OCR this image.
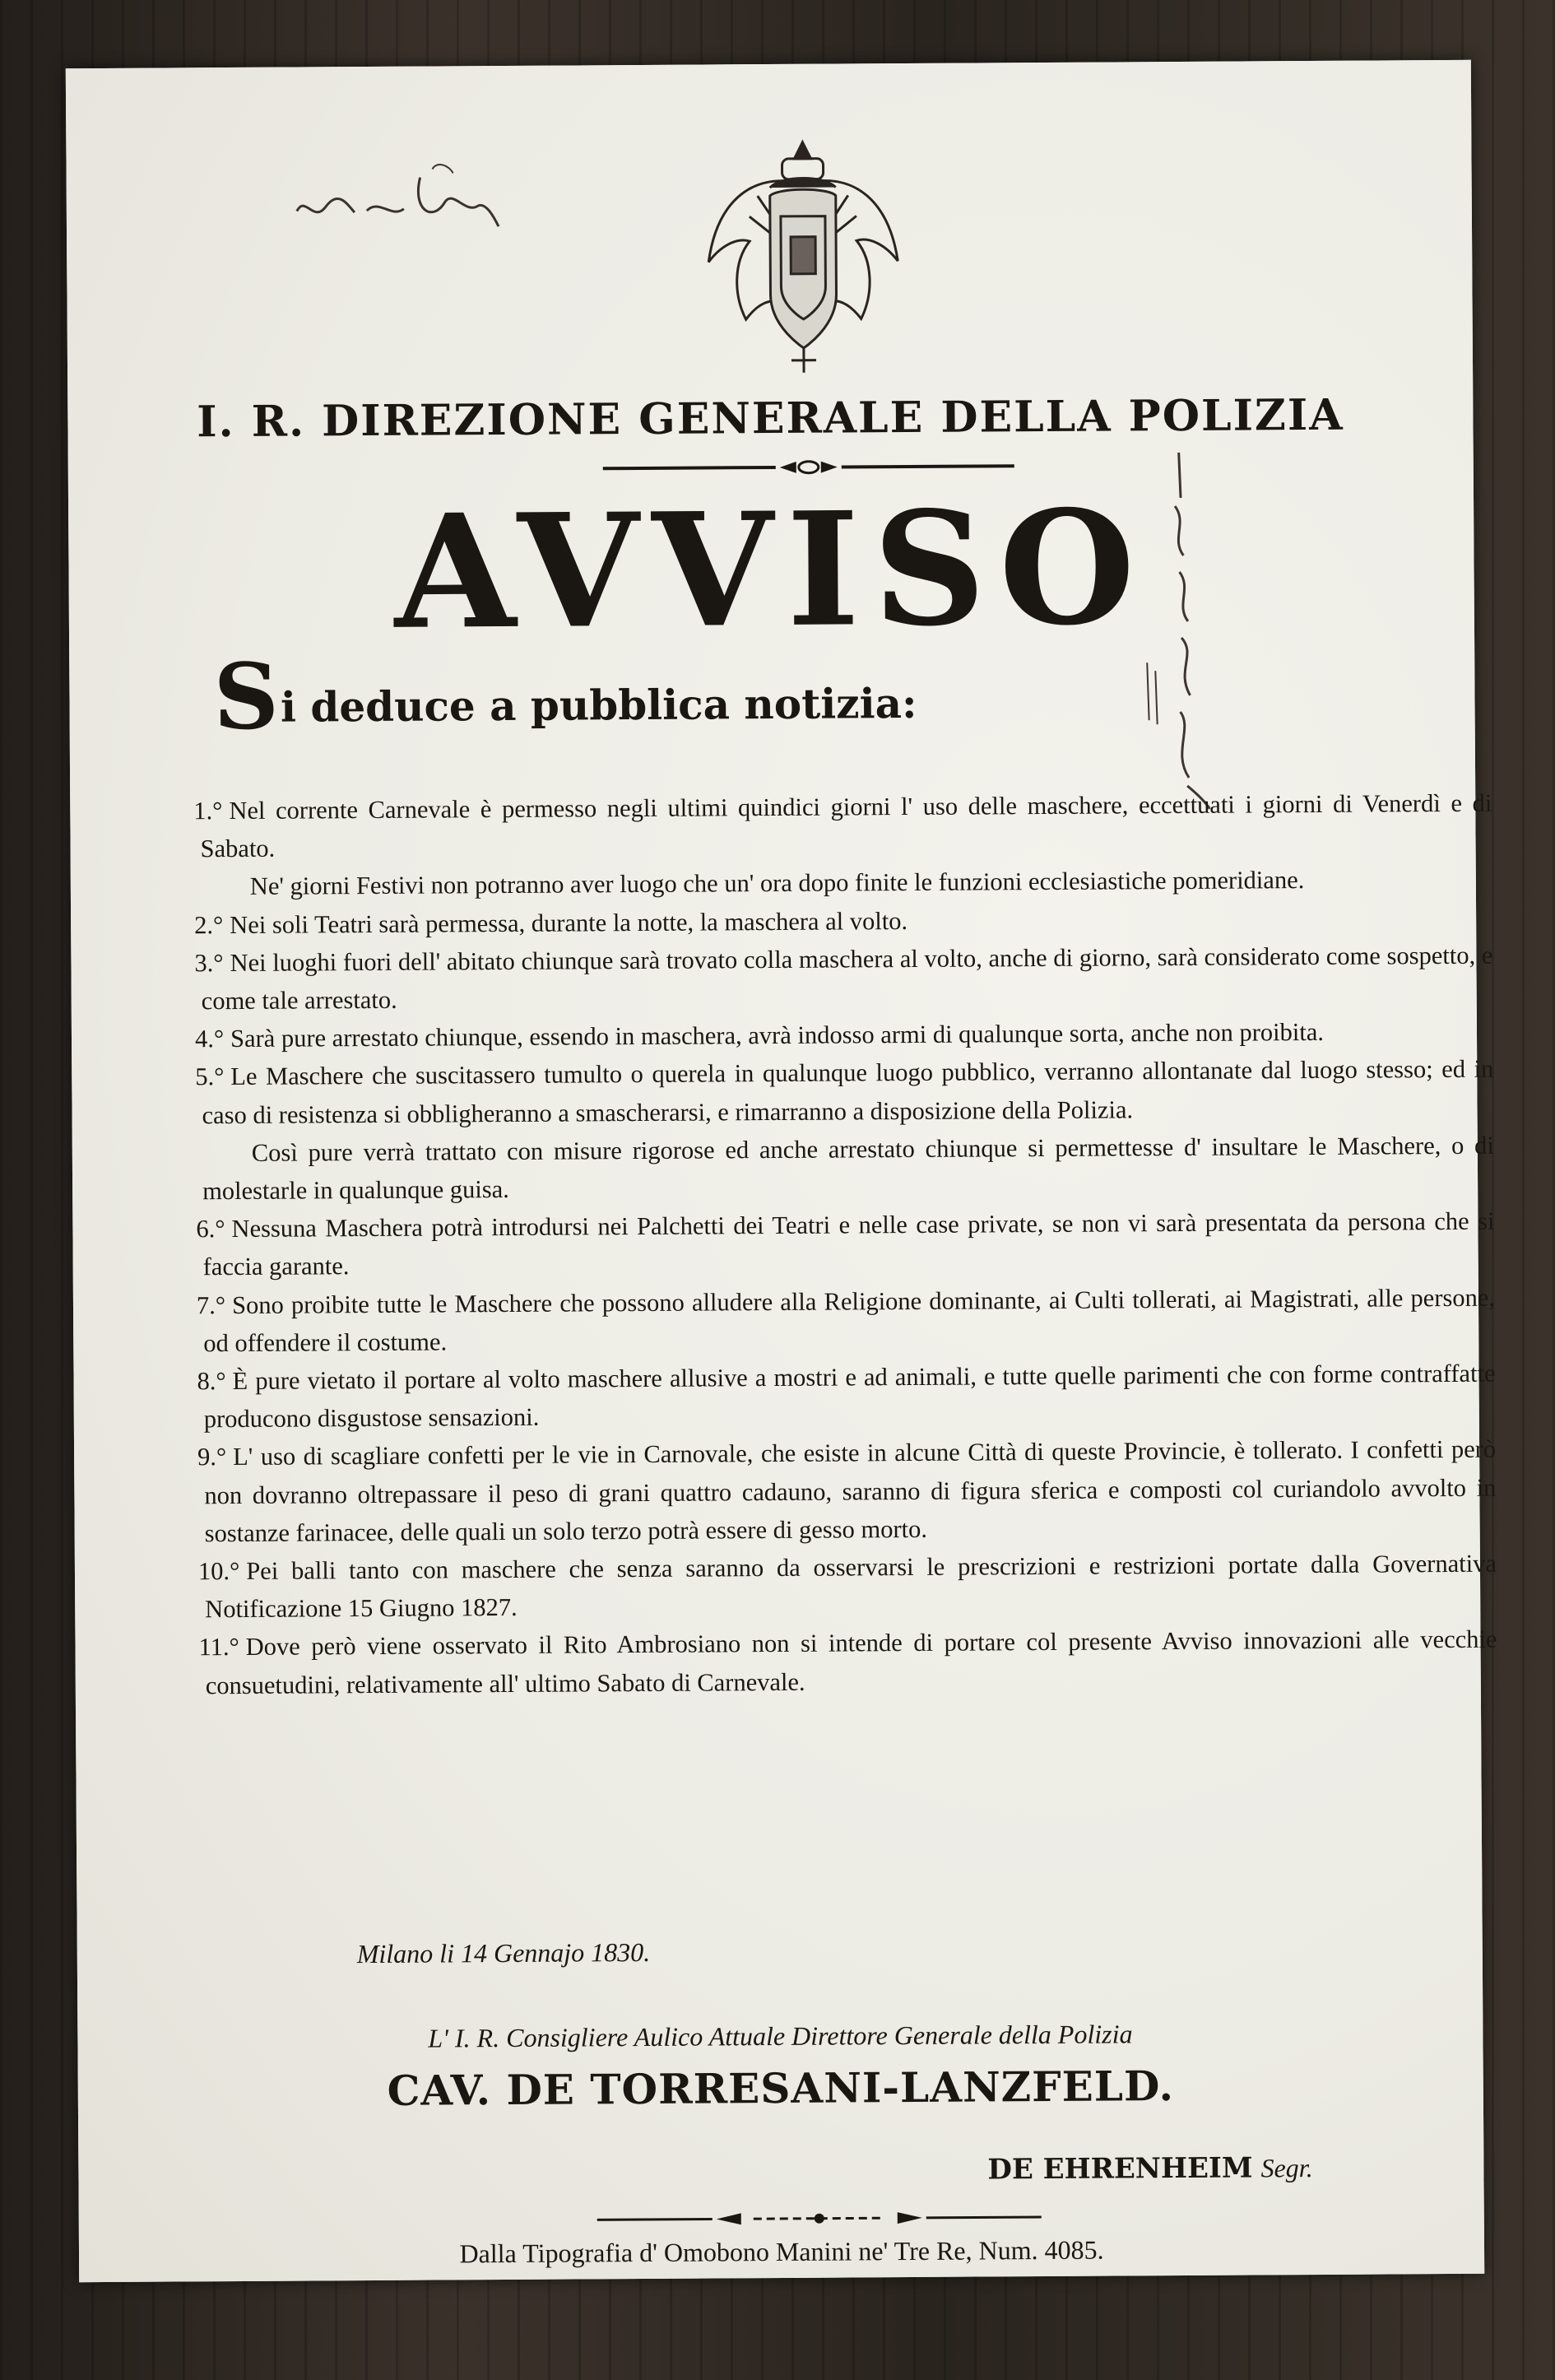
I. R. DIREZIONE GENERALE DELLA POLIZIA
AVVISO
Si deduce a pubblica notizia:

1.° Nel corrente Carnevale è permesso negli ultimi quindici giorni l' uso delle maschere, eccettuati i giorni di Venerdì e di Sabato.

Ne' giorni Festivi non potranno aver luogo che un' ora dopo finite le funzioni ecclesiastiche pomeridiane.

2.° Nei soli Teatri sarà permessa, durante la notte, la maschera al volto.

3.° Nei luoghi fuori dell' abitato chiunque sarà trovato colla maschera al volto, anche di giorno, sarà considerato come sospetto, e come tale arrestato.

4.° Sarà pure arrestato chiunque, essendo in maschera, avrà indosso armi di qualunque sorta, anche non proibita.

5.° Le Maschere che suscitassero tumulto o querela in qualunque luogo pubblico, verranno allontanate dal luogo stesso; ed in caso di resistenza si obbligheranno a smascherarsi, e rimarranno a disposizione della Polizia.

Così pure verrà trattato con misure rigorose ed anche arrestato chiunque si permettesse d' insultare le Maschere, o di molestarle in qualunque guisa.

6.° Nessuna Maschera potrà introdursi nei Palchetti dei Teatri e nelle case private, se non vi sarà presentata da persona che si faccia garante.

7.° Sono proibite tutte le Maschere che possono alludere alla Religione dominante, ai Culti tollerati, ai Magistrati, alle persone, od offendere il costume.

8.° È pure vietato il portare al volto maschere allusive a mostri e ad animali, e tutte quelle parimenti che con forme contraffatte producono disgustose sensazioni.

9.° L' uso di scagliare confetti per le vie in Carnovale, che esiste in alcune Città di queste Provincie, è tollerato. I confetti però non dovranno oltrepassare il peso di grani quattro cadauno, saranno di figura sferica e composti col curiandolo avvolto in sostanze farinacee, delle quali un solo terzo potrà essere di gesso morto.

10.° Pei balli tanto con maschere che senza saranno da osservarsi le prescrizioni e restrizioni portate dalla Governativa Notificazione 15 Giugno 1827.

11.° Dove però viene osservato il Rito Ambrosiano non si intende di portare col presente Avviso innovazioni alle vecchie consuetudini, relativamente all' ultimo Sabato di Carnevale.

Milano li 14 Gennajo 1830.
L' I. R. Consigliere Aulico Attuale Direttore Generale della Polizia
CAV. DE TORRESANI-LANZFELD.
DE EHRENHEIM Segr.
Dalla Tipografia d' Omobono Manini ne' Tre Re, Num. 4085.
